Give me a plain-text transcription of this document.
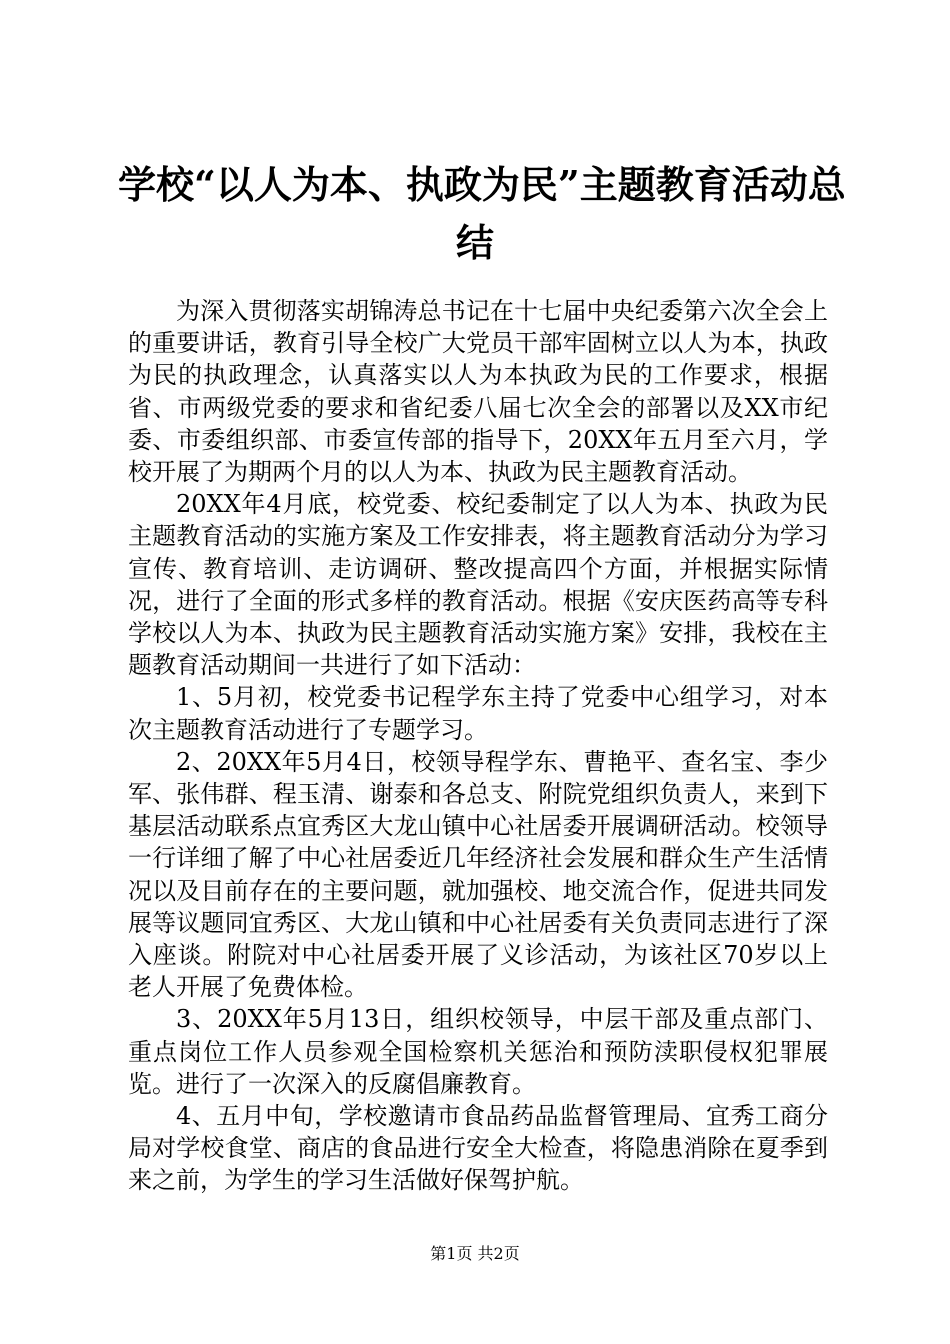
学校“以人为本、执政为民”主题教育活动总
结

为深入贯彻落实胡锦涛总书记在十七届中央纪委第六次全会上的重要讲话，教育引导全校广大党员干部牢固树立以人为本，执政为民的执政理念，认真落实以人为本执政为民的工作要求，根据省、市两级党委的要求和省纪委八届七次全会的部署以及XX市纪委、市委组织部、市委宣传部的指导下，20XX年五月至六月，学校开展了为期两个月的以人为本、执政为民主题教育活动。

20XX年4月底，校党委、校纪委制定了以人为本、执政为民主题教育活动的实施方案及工作安排表，将主题教育活动分为学习宣传、教育培训、走访调研、整改提高四个方面，并根据实际情况，进行了全面的形式多样的教育活动。根据《安庆医药高等专科学校以人为本、执政为民主题教育活动实施方案》安排，我校在主题教育活动期间一共进行了如下活动：

1、5月初，校党委书记程学东主持了党委中心组学习，对本次主题教育活动进行了专题学习。

2、20XX年5月4日，校领导程学东、曹艳平、查名宝、李少军、张伟群、程玉清、谢泰和各总支、附院党组织负责人，来到下基层活动联系点宜秀区大龙山镇中心社居委开展调研活动。校领导一行详细了解了中心社居委近几年经济社会发展和群众生产生活情况以及目前存在的主要问题，就加强校、地交流合作，促进共同发展等议题同宜秀区、大龙山镇和中心社居委有关负责同志进行了深入座谈。附院对中心社居委开展了义诊活动，为该社区70岁以上老人开展了免费体检。

3、20XX年5月13日，组织校领导，中层干部及重点部门、重点岗位工作人员参观全国检察机关惩治和预防渎职侵权犯罪展览。进行了一次深入的反腐倡廉教育。

4、五月中旬，学校邀请市食品药品监督管理局、宜秀工商分局对学校食堂、商店的食品进行安全大检查，将隐患消除在夏季到来之前，为学生的学习生活做好保驾护航。

第1页 共2页
